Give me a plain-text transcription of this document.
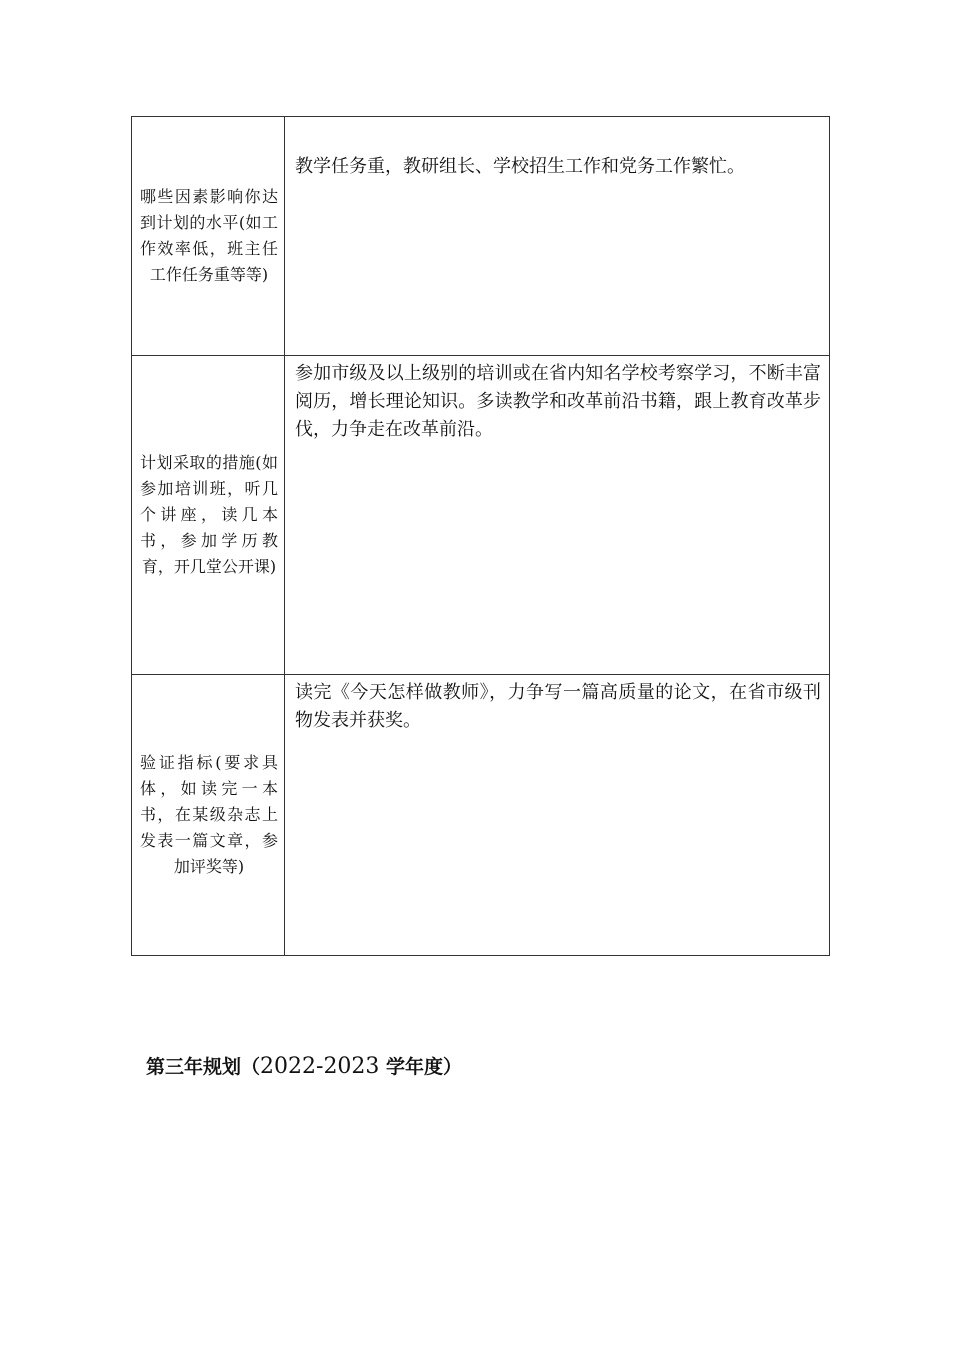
哪些因素影响你达到计划的水平(如工作效率低，班主任工作任务重等等)	教学任务重，教研组长、学校招生工作和党务工作繁忙。
计划采取的措施(如参加培训班，听几个讲座，读几本书，参加学历教育，开几堂公开课)	参加市级及以上级别的培训或在省内知名学校考察学习，不断丰富阅历，增长理论知识。多读教学和改革前沿书籍，跟上教育改革步伐，力争走在改革前沿。
验证指标(要求具体，如读完一本书，在某级杂志上发表一篇文章，参加评奖等)	读完《今天怎样做教师》，力争写一篇高质量的论文，在省市级刊物发表并获奖。
第三年规划（2022-2023 学年度）
